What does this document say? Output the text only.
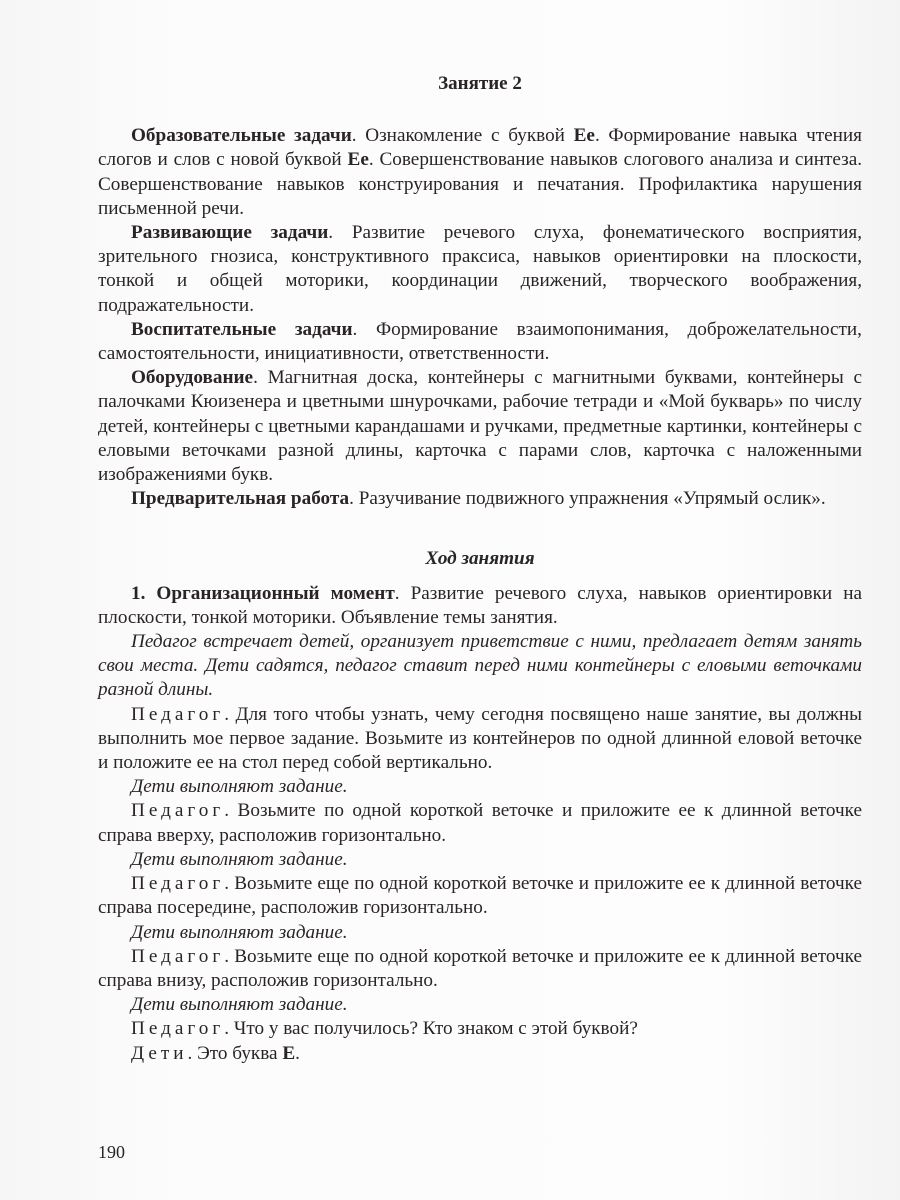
Занятие 2

Образовательные задачи. Ознакомление с буквой Ее. Формирование навыка чтения слогов и слов с новой буквой Ее. Совершенствование навыков слогового анализа и синтеза. Совершенствование навыков конструирования и печатания. Профилактика нарушения письменной речи.

Развивающие задачи. Развитие речевого слуха, фонематического восприятия, зрительного гнозиса, конструктивного праксиса, навыков ориентировки на плоскости, тонкой и общей моторики, координации движений, творческого воображения, подражательности.

Воспитательные задачи. Формирование взаимопонимания, доброжелательности, самостоятельности, инициативности, ответственности.

Оборудование. Магнитная доска, контейнеры с магнитными буквами, контейнеры с палочками Кюизенера и цветными шнурочками, рабочие тетради и «Мой букварь» по числу детей, контейнеры с цветными карандашами и ручками, предметные картинки, контейнеры с еловыми веточками разной длины, карточка с парами слов, карточка с наложенными изображениями букв.

Предварительная работа. Разучивание подвижного упражнения «Упрямый ослик».

Ход занятия

1. Организационный момент. Развитие речевого слуха, навыков ориентировки на плоскости, тонкой моторики. Объявление темы занятия.

Педагог встречает детей, организует приветствие с ними, предлагает детям занять свои места. Дети садятся, педагог ставит перед ними контейнеры с еловыми веточками разной длины.

Педагог. Для того чтобы узнать, чему сегодня посвящено наше занятие, вы должны выполнить мое первое задание. Возьмите из контейнеров по одной длинной еловой веточке и положите ее на стол перед собой вертикально.

Дети выполняют задание.

Педагог. Возьмите по одной короткой веточке и приложите ее к длинной веточке справа вверху, расположив горизонтально.

Дети выполняют задание.

Педагог. Возьмите еще по одной короткой веточке и приложите ее к длинной веточке справа посередине, расположив горизонтально.

Дети выполняют задание.

Педагог. Возьмите еще по одной короткой веточке и приложите ее к длинной веточке справа внизу, расположив горизонтально.

Дети выполняют задание.

Педагог. Что у вас получилось? Кто знаком с этой буквой?

Дети. Это буква Е.

190
